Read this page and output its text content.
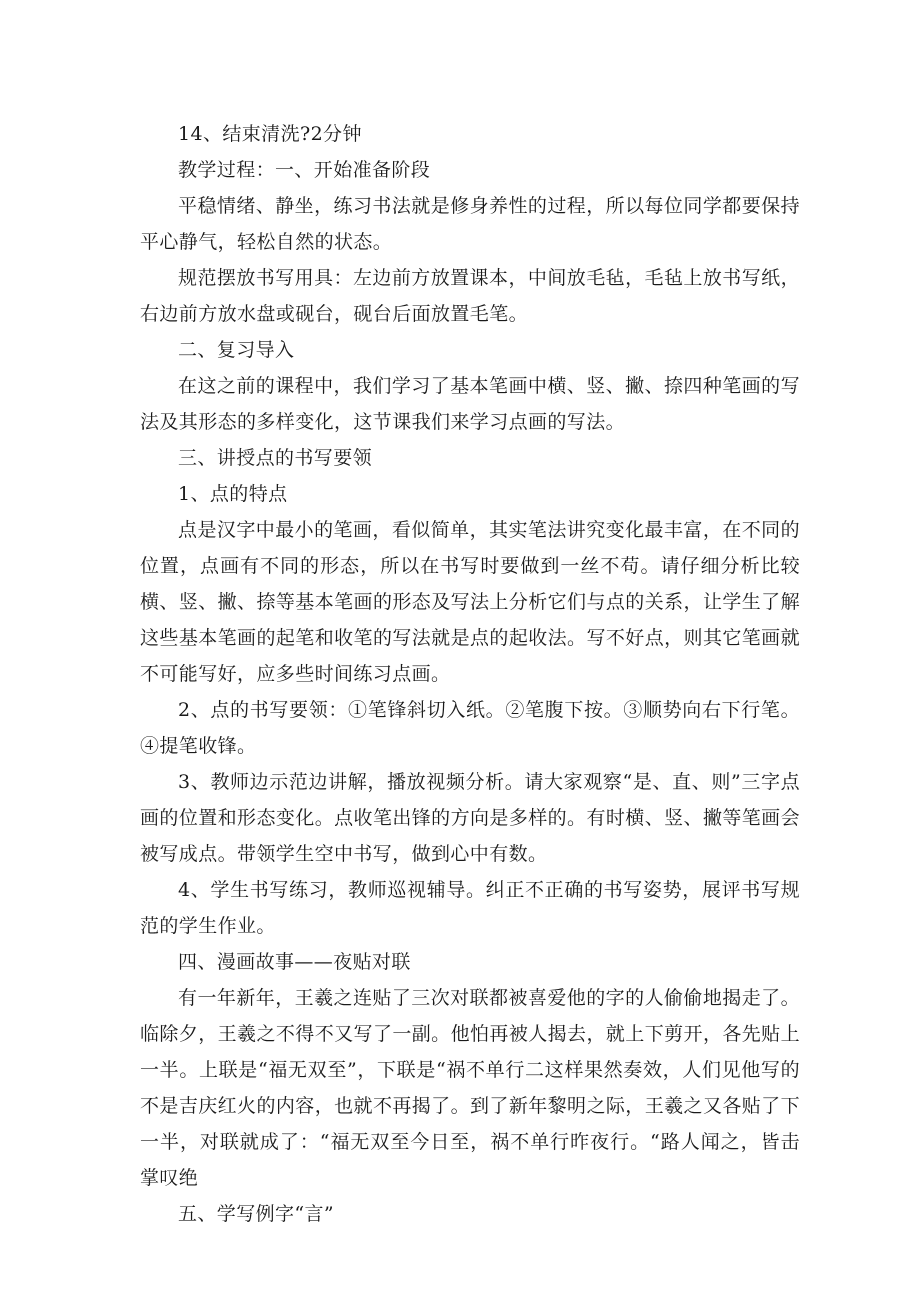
14、结束清洗?2分钟

教学过程：一、开始准备阶段

平稳情绪、静坐，练习书法就是修身养性的过程，所以每位同学都要保持平心静气，轻松自然的状态。

规范摆放书写用具：左边前方放置课本，中间放毛毡，毛毡上放书写纸，右边前方放水盘或砚台，砚台后面放置毛笔。

二、复习导入

在这之前的课程中，我们学习了基本笔画中横、竖、撇、捺四种笔画的写法及其形态的多样变化，这节课我们来学习点画的写法。

三、讲授点的书写要领

1、点的特点

点是汉字中最小的笔画，看似简单，其实笔法讲究变化最丰富，在不同的位置，点画有不同的形态，所以在书写时要做到一丝不苟。请仔细分析比较横、竖、撇、捺等基本笔画的形态及写法上分析它们与点的关系，让学生了解这些基本笔画的起笔和收笔的写法就是点的起收法。写不好点，则其它笔画就不可能写好，应多些时间练习点画。

2、点的书写要领：①笔锋斜切入纸。②笔腹下按。③顺势向右下行笔。④提笔收锋。

3、教师边示范边讲解，播放视频分析。请大家观察“是、直、则”三字点画的位置和形态变化。点收笔出锋的方向是多样的。有时横、竖、撇等笔画会被写成点。带领学生空中书写，做到心中有数。

4、学生书写练习，教师巡视辅导。纠正不正确的书写姿势，展评书写规范的学生作业。

四、漫画故事——夜贴对联

有一年新年，王羲之连贴了三次对联都被喜爱他的字的人偷偷地揭走了。临除夕，王羲之不得不又写了一副。他怕再被人揭去，就上下剪开，各先贴上一半。上联是“福无双至”，下联是“祸不单行二这样果然奏效，人们见他写的不是吉庆红火的内容，也就不再揭了。到了新年黎明之际，王羲之又各贴了下一半，对联就成了：“福无双至今日至，祸不单行昨夜行。“路人闻之，皆击掌叹绝

五、学写例字“言”
